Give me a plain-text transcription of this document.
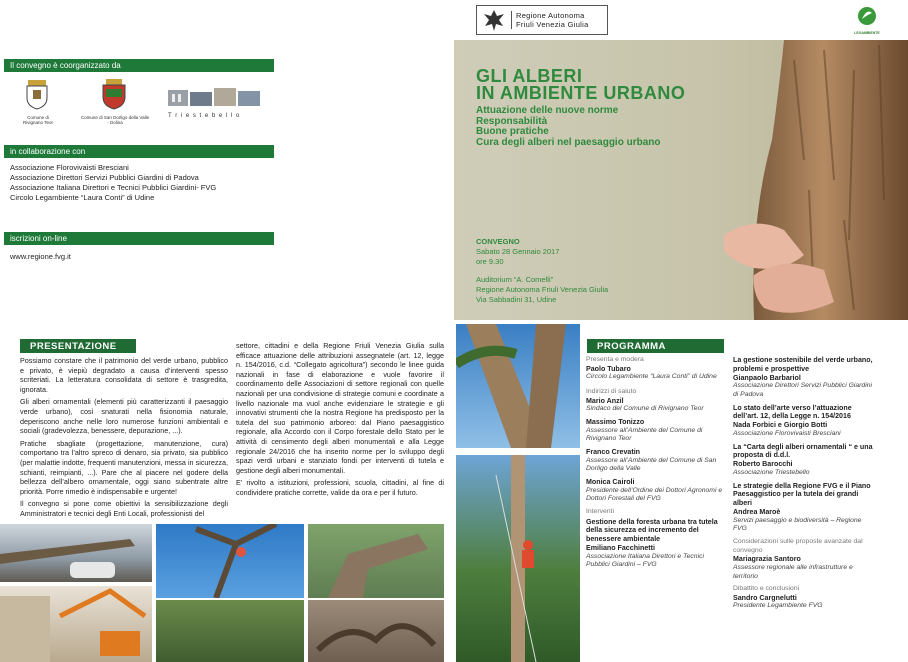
Il convegno è coorganizzato da
Comune di Rivignano Teor
Comune di San Dorligo della Valle - Dolina
T r i e s t e b e l l o
in collaborazione con
Associazione Florovivaisti Bresciani
Associazione Direttori Servizi Pubblici Giardini di Padova
Associazione Italiana Direttori e Tecnici Pubblici Giardini- FVG
Circolo Legambiente “Laura Conti” di Udine
iscrizioni on-line
www.regione.fvg.it
Regione Autonoma
Friuli Venezia Giulia
LEGAMBIENTE
GLI ALBERI
IN AMBIENTE URBANO
Attuazione delle nuove norme
Responsabilità
Buone pratiche
Cura degli alberi nel paesaggio urbano
CONVEGNO
Sabato 28 Gennaio 2017
ore 9.30
Auditorium “A. Comelli”
Regione Autonoma Friuli Venezia Giulia
Via Sabbadini 31, Udine
PRESENTAZIONE

Possiamo constare che il patrimonio del verde urbano, pubblico e privato, è viepiù degradato a causa d’interventi spesso scriteriati. La letteratura consolidata di settore è trasgredita, ignorata.

Gli alberi ornamentali (elementi più caratterizzanti il paesaggio verde urbano), così snaturati nella fisionomia naturale, deperiscono anche nelle loro numerose funzioni ambientali e sociali (gradevolezza, benessere, depurazione, ...).

Pratiche sbagliate (progettazione, manutenzione, cura) comportano tra l’altro spreco di denaro, sia privato, sia pubblico (per malattie indotte, frequenti manutenzioni, messa in sicurezza, schianti, reimpianti, ...). Pare che al piacere nel godere della bellezza dell’albero ornamentale, oggi siano subentrate altre priorità. Porre rimedio è indispensabile e urgente!

Il convegno si pone come obiettivi la sensibilizzazione degli Amministratori e tecnici degli Enti Locali, professionisti del

settore, cittadini e della Regione Friuli Venezia Giulia sulla efficace attuazione delle attribuzioni assegnatele (art. 12, legge n. 154/2016, c.d. “Collegato agricoltura”) secondo le linee guida nazionali in fase di elaborazione e vuole favorire il coordinamento delle Associazioni di settore regionali con quelle nazionali per una condivisione di strategie comuni e coordinate a livello nazionale ma vuol anche evidenziare le strategie e gli innovativi strumenti che la nostra Regione ha predisposto per la tutela del suo patrimonio arboreo: dal Piano paesaggistico regionale, alla Accordo con il Corpo forestale dello Stato per le attività di censimento degli alberi monumentali e alla Legge regionale 24/2016 che ha inserito norme per lo sviluppo degli spazi verdi urbani e stanziato fondi per interventi di tutela e gestione degli alberi monumentali.

E’ rivolto a istituzioni, professioni, scuola, cittadini, al fine di condividere pratiche corrette, valide da ora e per il futuro.

PROGRAMMA
Presenta e modera
Paolo Tubaro
Circolo Legambiente “Laura Conti” di Udine
Indirizzi di saluto
Mario Anzil
Sindaco del Comune di Rivignano Teor
Massimo Tonizzo
Assessore all’Ambiente del Comune di Rivignano Teor
Franco Crevatin
Assessore all’Ambiente del Comune di San Dorligo della Valle
Monica Cairoli
Presidente dell’Ordine dei Dottori Agronomi e Dottori Forestali del FVG
Interventi
Gestione della foresta urbana tra tutela della sicurezza ed incremento del benessere ambientale
Emiliano Facchinetti
Associazione Italiana Direttori e Tecnici Pubblici Giardini – FVG
La gestione sostenibile del verde urbano, problemi e prospettive
Gianpaolo Barbariol
Associazione Direttori Servizi Pubblici Giardini di Padova
Lo stato dell’arte verso l’attuazione dell’art. 12, della Legge n. 154/2016
Nada Forbici e Giorgio Botti
Associazione Florovivaisti Bresciani
La “Carta degli alberi ornamentali “ e una proposta di d.d.l.
Roberto Barocchi
Associazione Triestebello
Le strategie della Regione FVG e il Piano Paesaggistico per la tutela dei grandi alberi
Andrea Maroè
Servizi paesaggio e biodiversità – Regione FVG
Considerazioni sulle proposte avanzate dal convegno
Mariagrazia Santoro
Assessore regionale alle infrastrutture e territorio
Dibattito e conclusioni
Sandro Cargnelutti
Presidente Legambiente FVG
